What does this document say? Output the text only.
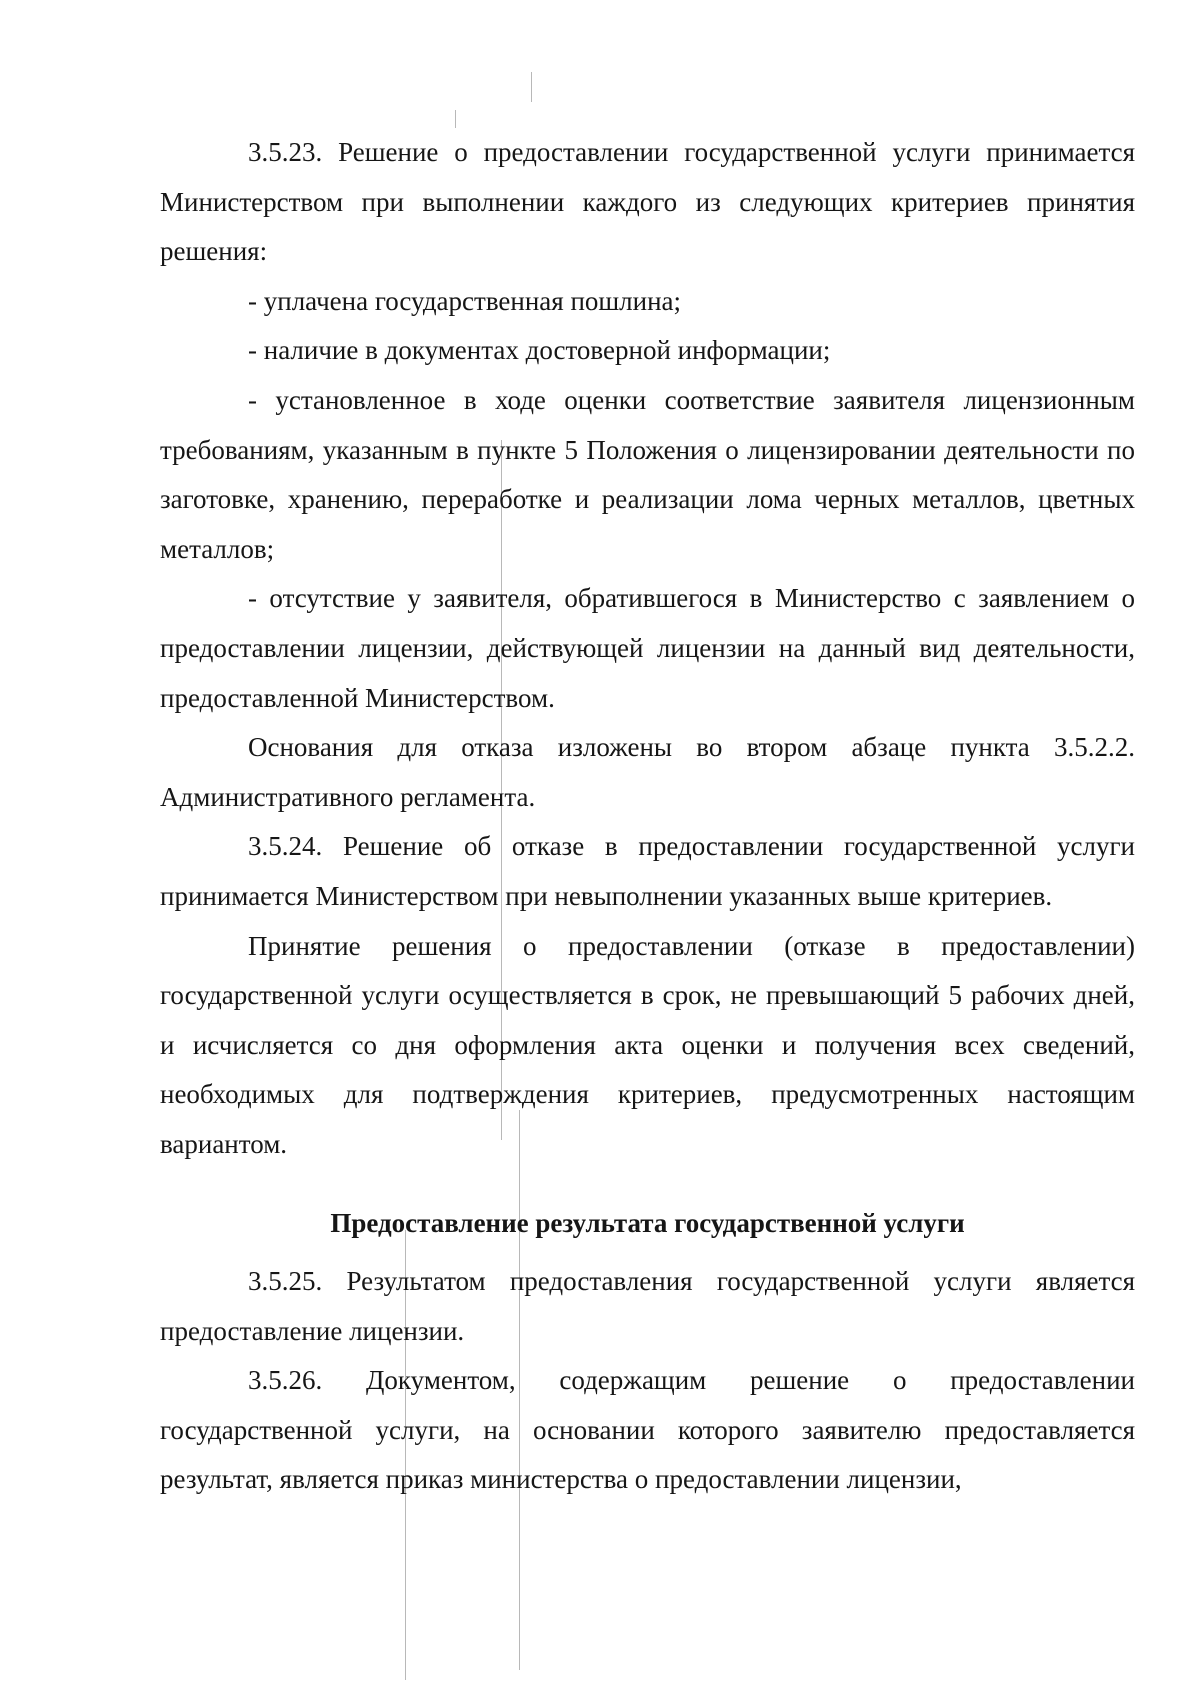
3.5.23. Решение о предоставлении государственной услуги принимается Министерством при выполнении каждого из следующих критериев принятия решения:

- уплачена государственная пошлина;

- наличие в документах достоверной информации;

- установленное в ходе оценки соответствие заявителя лицензионным требованиям, указанным в пункте 5 Положения о лицензировании деятельности по заготовке, хранению, переработке и реализации лома черных металлов, цветных металлов;

- отсутствие у заявителя, обратившегося в Министерство с заявлением о предоставлении лицензии, действующей лицензии на данный вид деятельности, предоставленной Министерством.

Основания для отказа изложены во втором абзаце пункта 3.5.2.2. Административного регламента.

3.5.24. Решение об отказе в предоставлении государственной услуги принимается Министерством при невыполнении указанных выше критериев.

Принятие решения о предоставлении (отказе в предоставлении) государственной услуги осуществляется в срок, не превышающий 5 рабочих дней, и исчисляется со дня оформления акта оценки и получения всех сведений, необходимых для подтверждения критериев, предусмотренных настоящим вариантом.

Предоставление результата государственной услуги

3.5.25. Результатом предоставления государственной услуги является предоставление лицензии.

3.5.26. Документом, содержащим решение о предоставлении государственной услуги, на основании которого заявителю предоставляется результат, является приказ министерства о предоставлении лицензии,
